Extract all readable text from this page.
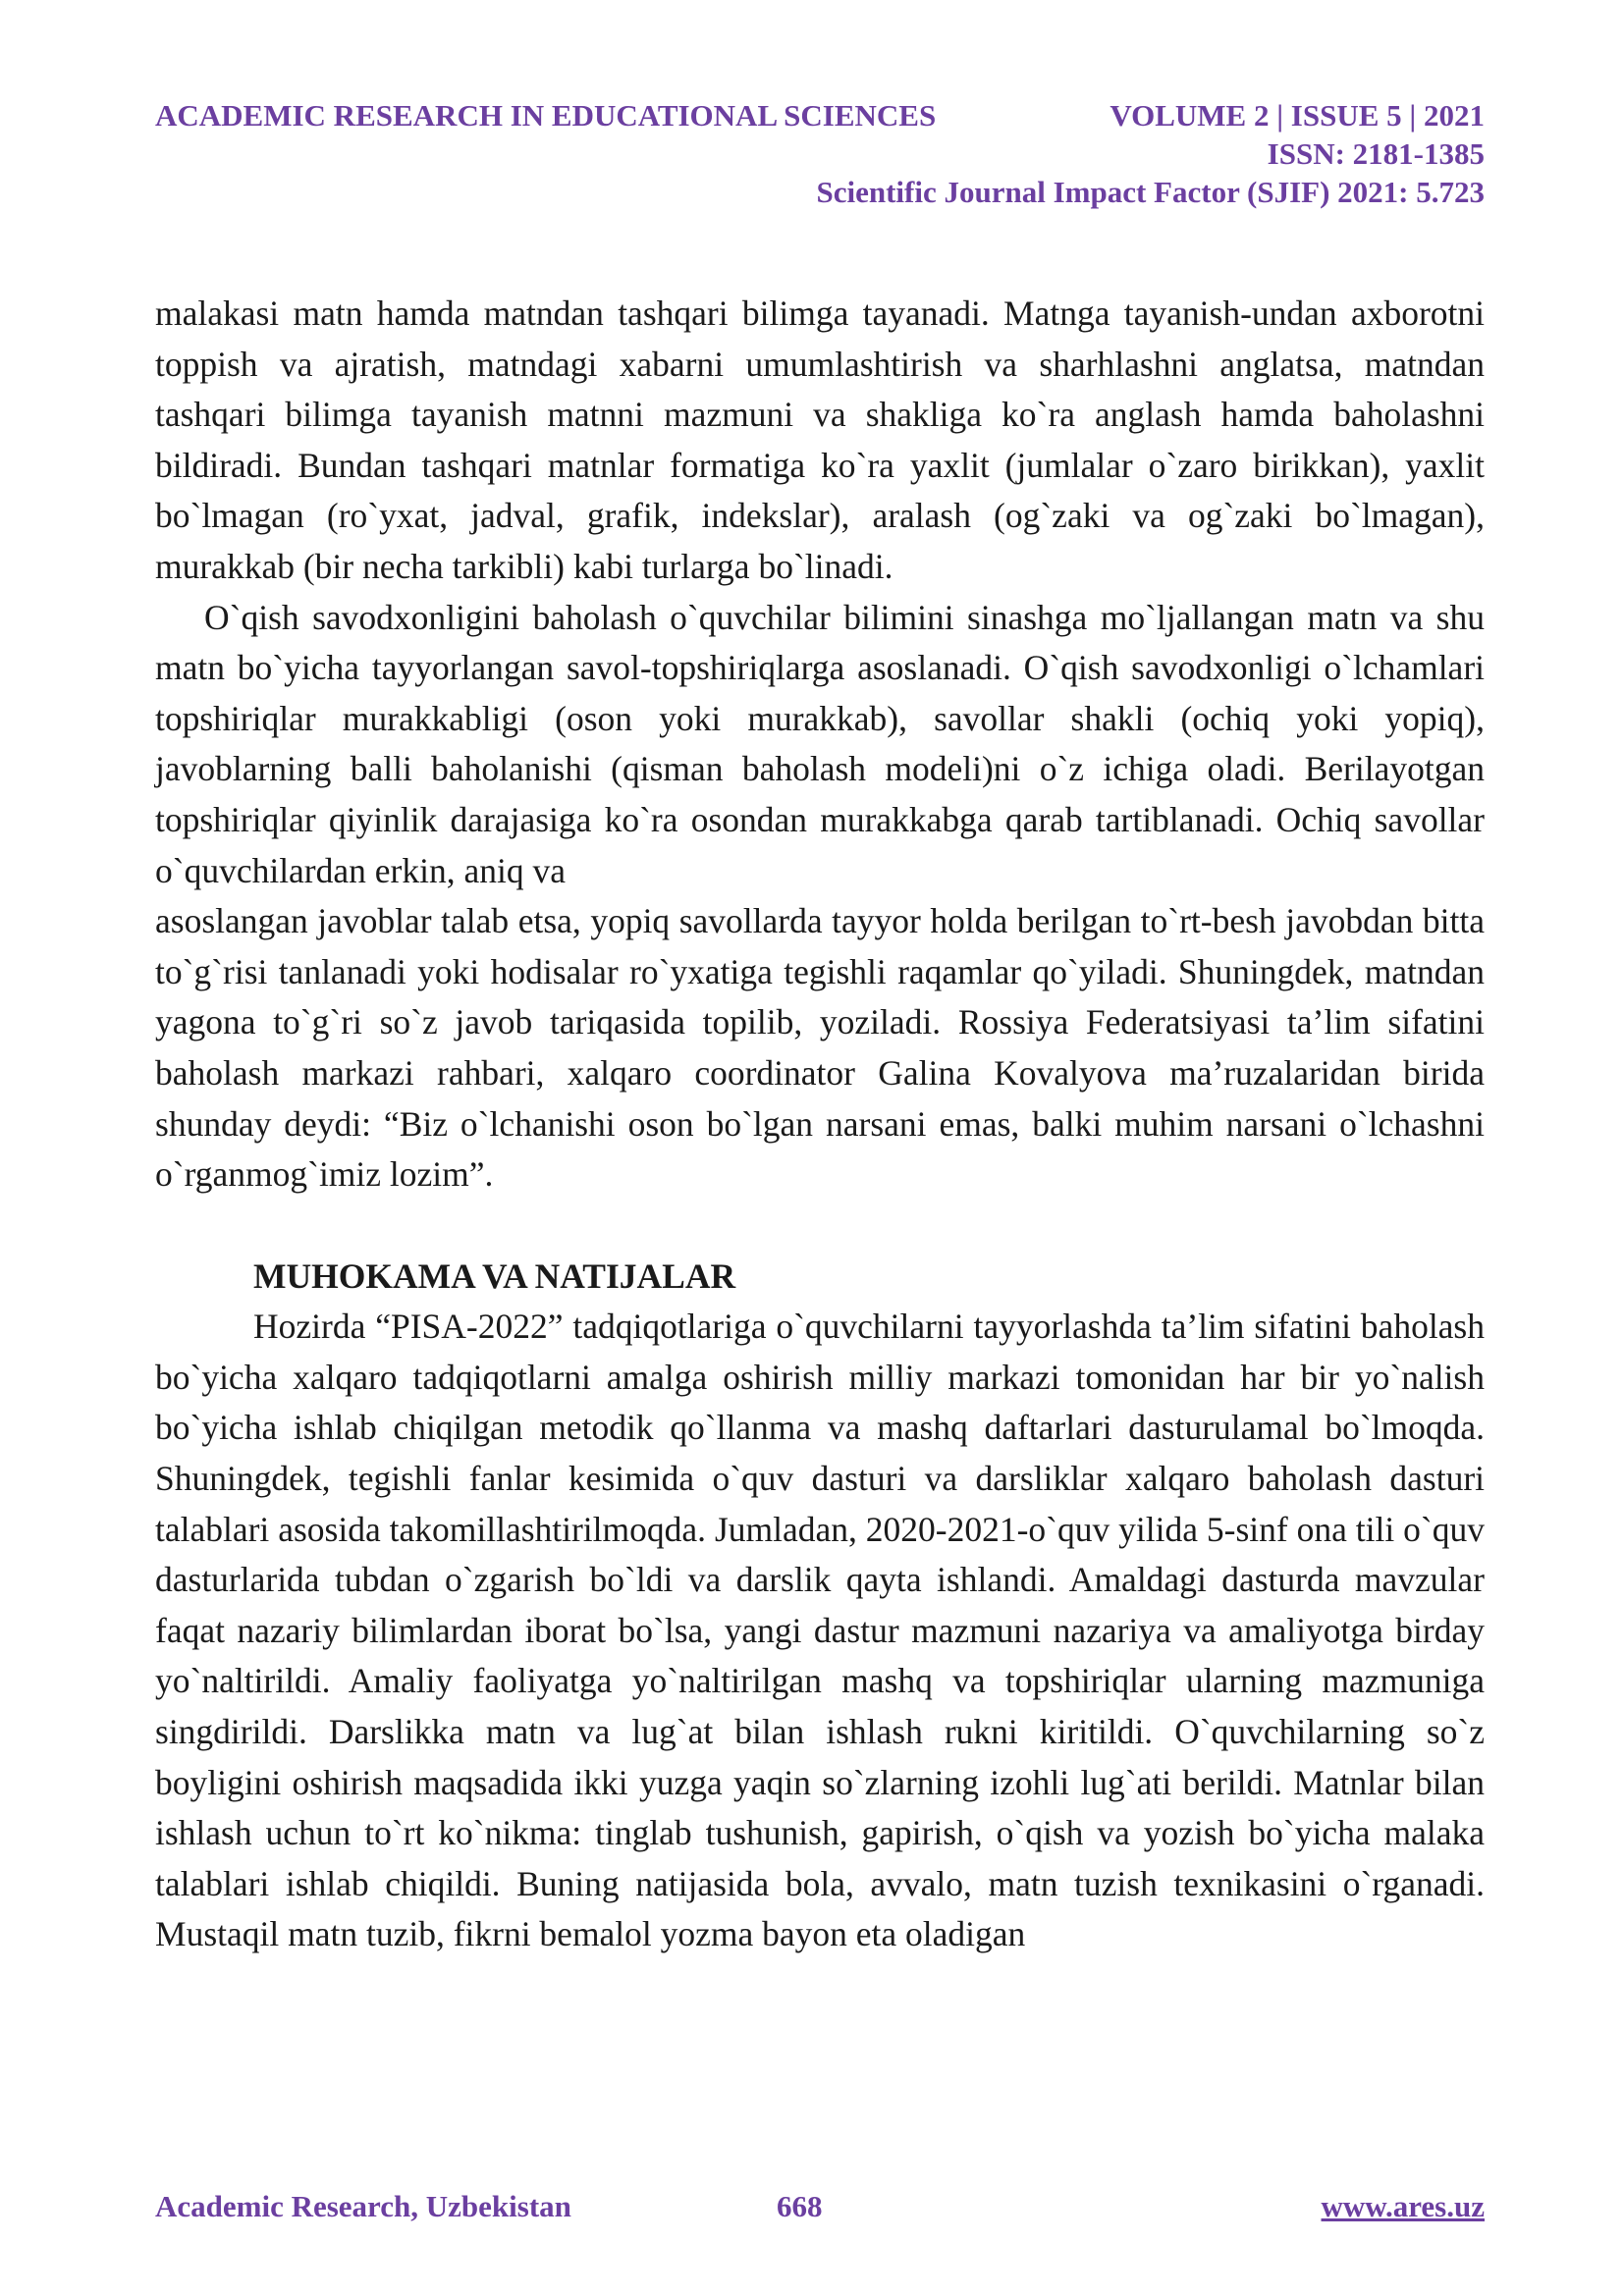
ACADEMIC RESEARCH IN EDUCATIONAL SCIENCES	VOLUME 2 | ISSUE 5 | 2021
ISSN: 2181-1385
Scientific Journal Impact Factor (SJIF) 2021: 5.723

malakasi matn hamda matndan tashqari bilimga tayanadi. Matnga tayanish-undan axborotni toppish va ajratish, matndagi xabarni umumlashtirish va sharhlashni anglatsa, matndan tashqari bilimga tayanish matnni mazmuni va shakliga ko`ra anglash hamda baholashni bildiradi. Bundan tashqari matnlar formatiga ko`ra yaxlit (jumlalar o`zaro birikkan), yaxlit bo`lmagan (ro`yxat, jadval, grafik, indekslar), aralash (og`zaki va og`zaki bo`lmagan), murakkab (bir necha tarkibli) kabi turlarga bo`linadi.

O`qish savodxonligini baholash o`quvchilar bilimini sinashga mo`ljallangan matn va shu matn bo`yicha tayyorlangan savol-topshiriqlarga asoslanadi. O`qish savodxonligi o`lchamlari topshiriqlar murakkabligi (oson yoki murakkab), savollar shakli (ochiq yoki yopiq), javoblarning balli baholanishi (qisman baholash modeli)ni o`z ichiga oladi. Berilayotgan topshiriqlar qiyinlik darajasiga ko`ra osondan murakkabga qarab tartiblanadi. Ochiq savollar o`quvchilardan erkin, aniq va

asoslangan javoblar talab etsa, yopiq savollarda tayyor holda berilgan to`rt-besh javobdan bitta to`g`risi tanlanadi yoki hodisalar ro`yxatiga tegishli raqamlar qo`yiladi. Shuningdek, matndan yagona to`g`ri so`z javob tariqasida topilib, yoziladi. Rossiya Federatsiyasi ta’lim sifatini baholash markazi rahbari, xalqaro coordinator Galina Kovalyova ma’ruzalaridan birida shunday deydi: “Biz o`lchanishi oson bo`lgan narsani emas, balki muhim narsani o`lchashni o`rganmog`imiz lozim”.

MUHOKAMA VA NATIJALAR

Hozirda “PISA-2022” tadqiqotlariga o`quvchilarni tayyorlashda ta’lim sifatini baholash bo`yicha xalqaro tadqiqotlarni amalga oshirish milliy markazi tomonidan har bir yo`nalish bo`yicha ishlab chiqilgan metodik qo`llanma va mashq daftarlari dasturulamal bo`lmoqda. Shuningdek, tegishli fanlar kesimida o`quv dasturi va darsliklar xalqaro baholash dasturi talablari asosida takomillashtirilmoqda. Jumladan, 2020-2021-o`quv yilida 5-sinf ona tili o`quv dasturlarida tubdan o`zgarish bo`ldi va darslik qayta ishlandi. Amaldagi dasturda mavzular faqat nazariy bilimlardan iborat bo`lsa, yangi dastur mazmuni nazariya va amaliyotga birday yo`naltirildi. Amaliy faoliyatga yo`naltirilgan mashq va topshiriqlar ularning mazmuniga singdirildi. Darslikka matn va lug`at bilan ishlash rukni kiritildi. O`quvchilarning so`z boyligini oshirish maqsadida ikki yuzga yaqin so`zlarning izohli lug`ati berildi. Matnlar bilan ishlash uchun to`rt ko`nikma: tinglab tushunish, gapirish, o`qish va yozish bo`yicha malaka talablari ishlab chiqildi. Buning natijasida bola, avvalo, matn tuzish texnikasini o`rganadi. Mustaqil matn tuzib, fikrni bemalol yozma bayon eta oladigan

Academic Research, Uzbekistan	668	www.ares.uz
